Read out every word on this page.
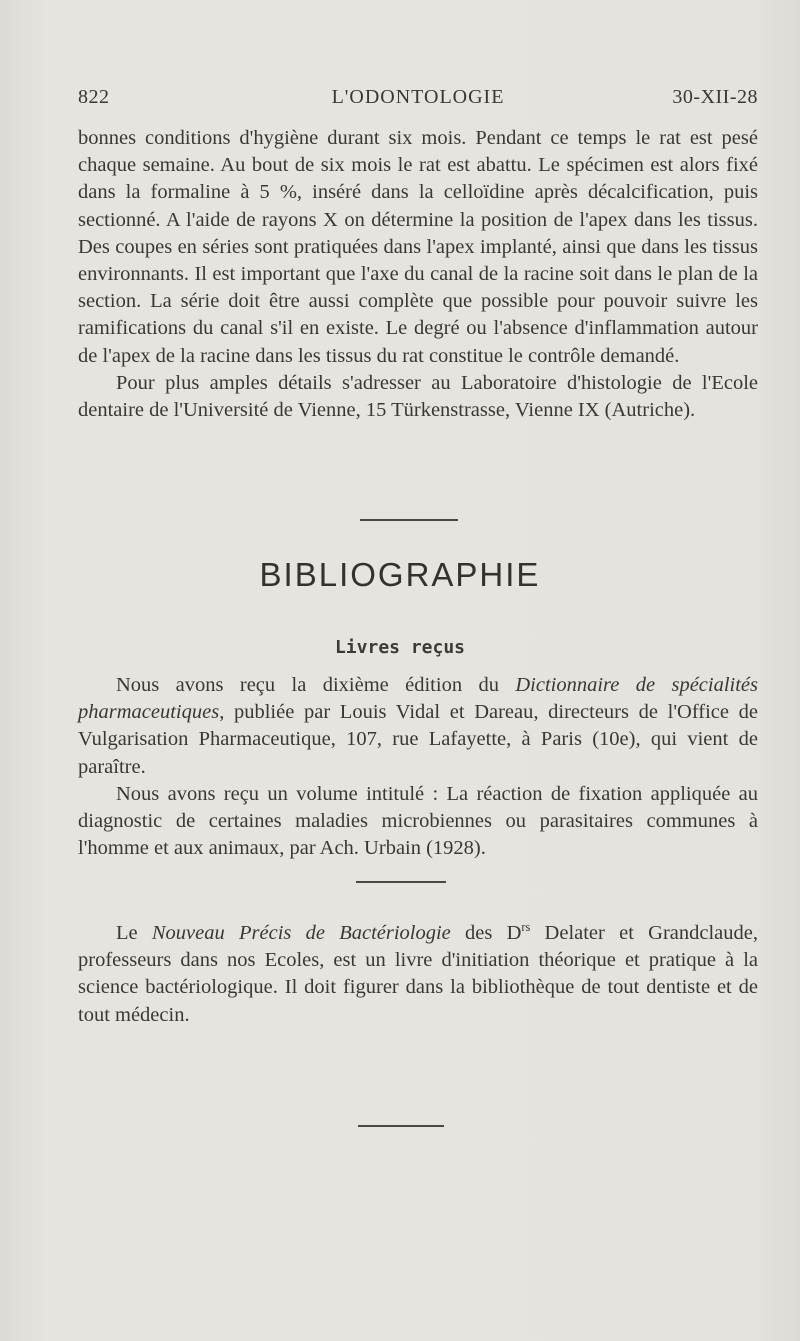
822	L'ODONTOLOGIE	30-XII-28

bonnes conditions d'hygiène durant six mois. Pendant ce temps le rat est pesé chaque semaine. Au bout de six mois le rat est abattu. Le spécimen est alors fixé dans la formaline à 5 %, inséré dans la celloïdine après décalcification, puis sectionné. A l'aide de rayons X on détermine la position de l'apex dans les tissus. Des coupes en séries sont pratiquées dans l'apex implanté, ainsi que dans les tissus environnants. Il est important que l'axe du canal de la racine soit dans le plan de la section. La série doit être aussi complète que possible pour pouvoir suivre les ramifications du canal s'il en existe. Le degré ou l'absence d'inflammation autour de l'apex de la racine dans les tissus du rat constitue le contrôle demandé.

Pour plus amples détails s'adresser au Laboratoire d'histologie de l'Ecole dentaire de l'Université de Vienne, 15 Türkenstrasse, Vienne IX (Autriche).

BIBLIOGRAPHIE
Livres reçus

Nous avons reçu la dixième édition du Dictionnaire de spécialités pharmaceutiques, publiée par Louis Vidal et Dareau, directeurs de l'Office de Vulgarisation Pharmaceutique, 107, rue Lafayette, à Paris (10e), qui vient de paraître.

Nous avons reçu un volume intitulé : La réaction de fixation appliquée au diagnostic de certaines maladies microbiennes ou parasitaires communes à l'homme et aux animaux, par Ach. Urbain (1928).

Le Nouveau Précis de Bactériologie des $D^{rs}$ Delater et Grandclaude, professeurs dans nos Ecoles, est un livre d'initiation théorique et pratique à la science bactériologique. Il doit figurer dans la bibliothèque de tout dentiste et de tout médecin.
